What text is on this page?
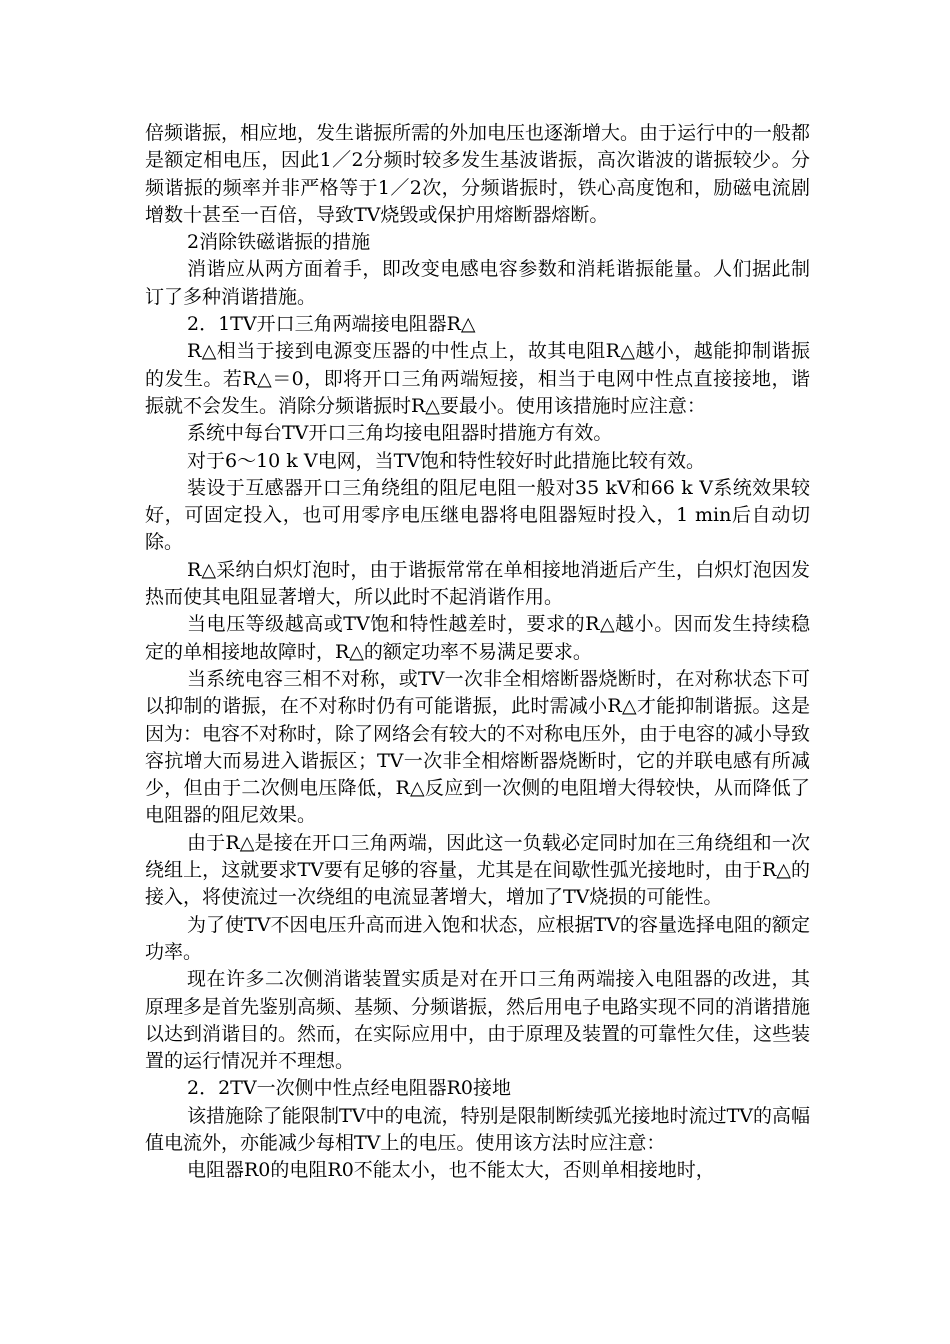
倍频谐振，相应地，发生谐振所需的外加电压也逐渐增大。由于运行中的一般都是额定相电压，因此1／2分频时较多发生基波谐振，高次谐波的谐振较少。分频谐振的频率并非严格等于1／2次，分频谐振时，铁心高度饱和，励磁电流剧增数十甚至一百倍，导致TV烧毁或保护用熔断器熔断。

2消除铁磁谐振的措施

消谐应从两方面着手，即改变电感电容参数和消耗谐振能量。人们据此制订了多种消谐措施。

2．1TV开口三角两端接电阻器R△

R△相当于接到电源变压器的中性点上，故其电阻R△越小，越能抑制谐振的发生。若R△＝0，即将开口三角两端短接，相当于电网中性点直接接地，谐振就不会发生。消除分频谐振时R△要最小。使用该措施时应注意：

系统中每台TV开口三角均接电阻器时措施方有效。

对于6～10 k V电网，当TV饱和特性较好时此措施比较有效。

装设于互感器开口三角绕组的阻尼电阻一般对35 kV和66 k V系统效果较好，可固定投入，也可用零序电压继电器将电阻器短时投入，1 min后自动切除。

R△采纳白炽灯泡时，由于谐振常常在单相接地消逝后产生，白炽灯泡因发热而使其电阻显著增大，所以此时不起消谐作用。

当电压等级越高或TV饱和特性越差时，要求的R△越小。因而发生持续稳定的单相接地故障时，R△的额定功率不易满足要求。

当系统电容三相不对称，或TV一次非全相熔断器烧断时，在对称状态下可以抑制的谐振，在不对称时仍有可能谐振，此时需减小R△才能抑制谐振。这是因为：电容不对称时，除了网络会有较大的不对称电压外，由于电容的减小导致容抗增大而易进入谐振区；TV一次非全相熔断器烧断时，它的并联电感有所减少，但由于二次侧电压降低，R△反应到一次侧的电阻增大得较快，从而降低了电阻器的阻尼效果。

由于R△是接在开口三角两端，因此这一负载必定同时加在三角绕组和一次绕组上，这就要求TV要有足够的容量，尤其是在间歇性弧光接地时，由于R△的接入，将使流过一次绕组的电流显著增大，增加了TV烧损的可能性。

为了使TV不因电压升高而进入饱和状态，应根据TV的容量选择电阻的额定功率。

现在许多二次侧消谐装置实质是对在开口三角两端接入电阻器的改进，其原理多是首先鉴别高频、基频、分频谐振，然后用电子电路实现不同的消谐措施以达到消谐目的。然而，在实际应用中，由于原理及装置的可靠性欠佳，这些装置的运行情况并不理想。

2．2TV一次侧中性点经电阻器R0接地

该措施除了能限制TV中的电流，特别是限制断续弧光接地时流过TV的高幅值电流外，亦能减少每相TV上的电压。使用该方法时应注意：

电阻器R0的电阻R0不能太小，也不能太大，否则单相接地时，
